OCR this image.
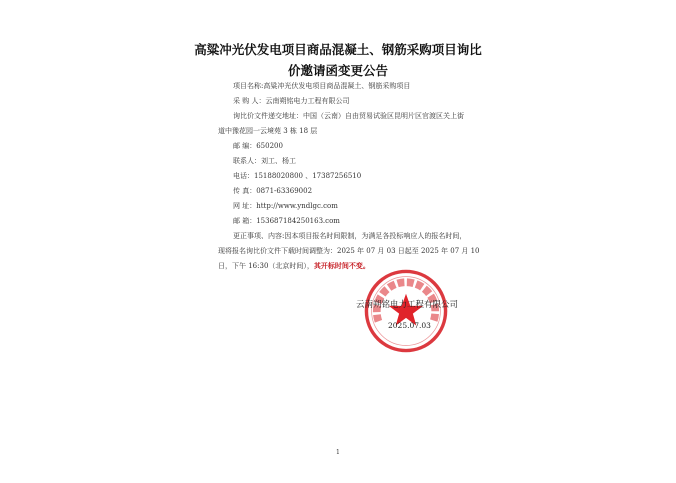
高粱冲光伏发电项目商品混凝土、钢筋采购项目询比
价邀请函变更公告
项目名称:高粱冲光伏发电项目商品混凝土、钢筋采购项目
采 购 人：云南朔铭电力工程有限公司
询比价文件递交地址：中国（云南）自由贸易试验区昆明片区官渡区关上街
道中豫花园一云境苑 3 栋 18 层
邮 编：650200
联系人：刘工、杨工
电话：15188020800 、17387256510
传 真：0871-63369002
网 址：http://www.yndlgc.com
邮 箱：15368718425016З.com
更正事项、内容:因本项目报名时间限制，为满足各投标响应人的报名时间，
现将报名询比价文件下载时间调整为：2025 年 07 月 03 日起至 2025 年 07 月 10
日，下午 16:30（北京时间），其开标时间不变。
云南朔铭电力工程有限公司
2025.07.03
1
